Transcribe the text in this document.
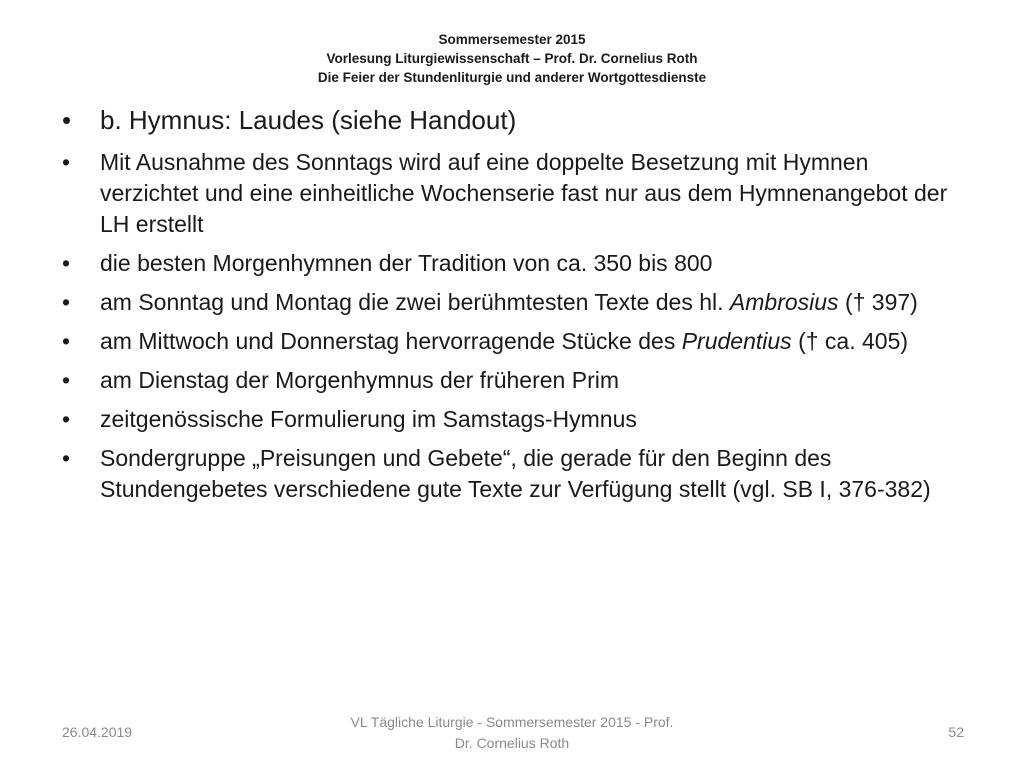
Sommersemester 2015
Vorlesung Liturgiewissenschaft – Prof. Dr. Cornelius Roth
Die Feier der Stundenliturgie und anderer Wortgottesdienste
• b. Hymnus: Laudes (siehe Handout)
• Mit Ausnahme des Sonntags wird auf eine doppelte Besetzung mit Hymnen verzichtet und eine einheitliche Wochenserie fast nur aus dem Hymnenangebot der LH erstellt
• die besten Morgenhymnen der Tradition von ca. 350 bis 800
• am Sonntag und Montag die zwei berühmtesten Texte des hl. Ambrosius († 397)
• am Mittwoch und Donnerstag hervorragende Stücke des Prudentius († ca. 405)
• am Dienstag der Morgenhymnus der früheren Prim
• zeitgenössische Formulierung im Samstags-Hymnus
• Sondergruppe „Preisungen und Gebete“, die gerade für den Beginn des Stundengebetes verschiedene gute Texte zur Verfügung stellt (vgl. SB I, 376-382)
26.04.2019
VL Tägliche Liturgie - Sommersemester 2015 - Prof. Dr. Cornelius Roth
52
